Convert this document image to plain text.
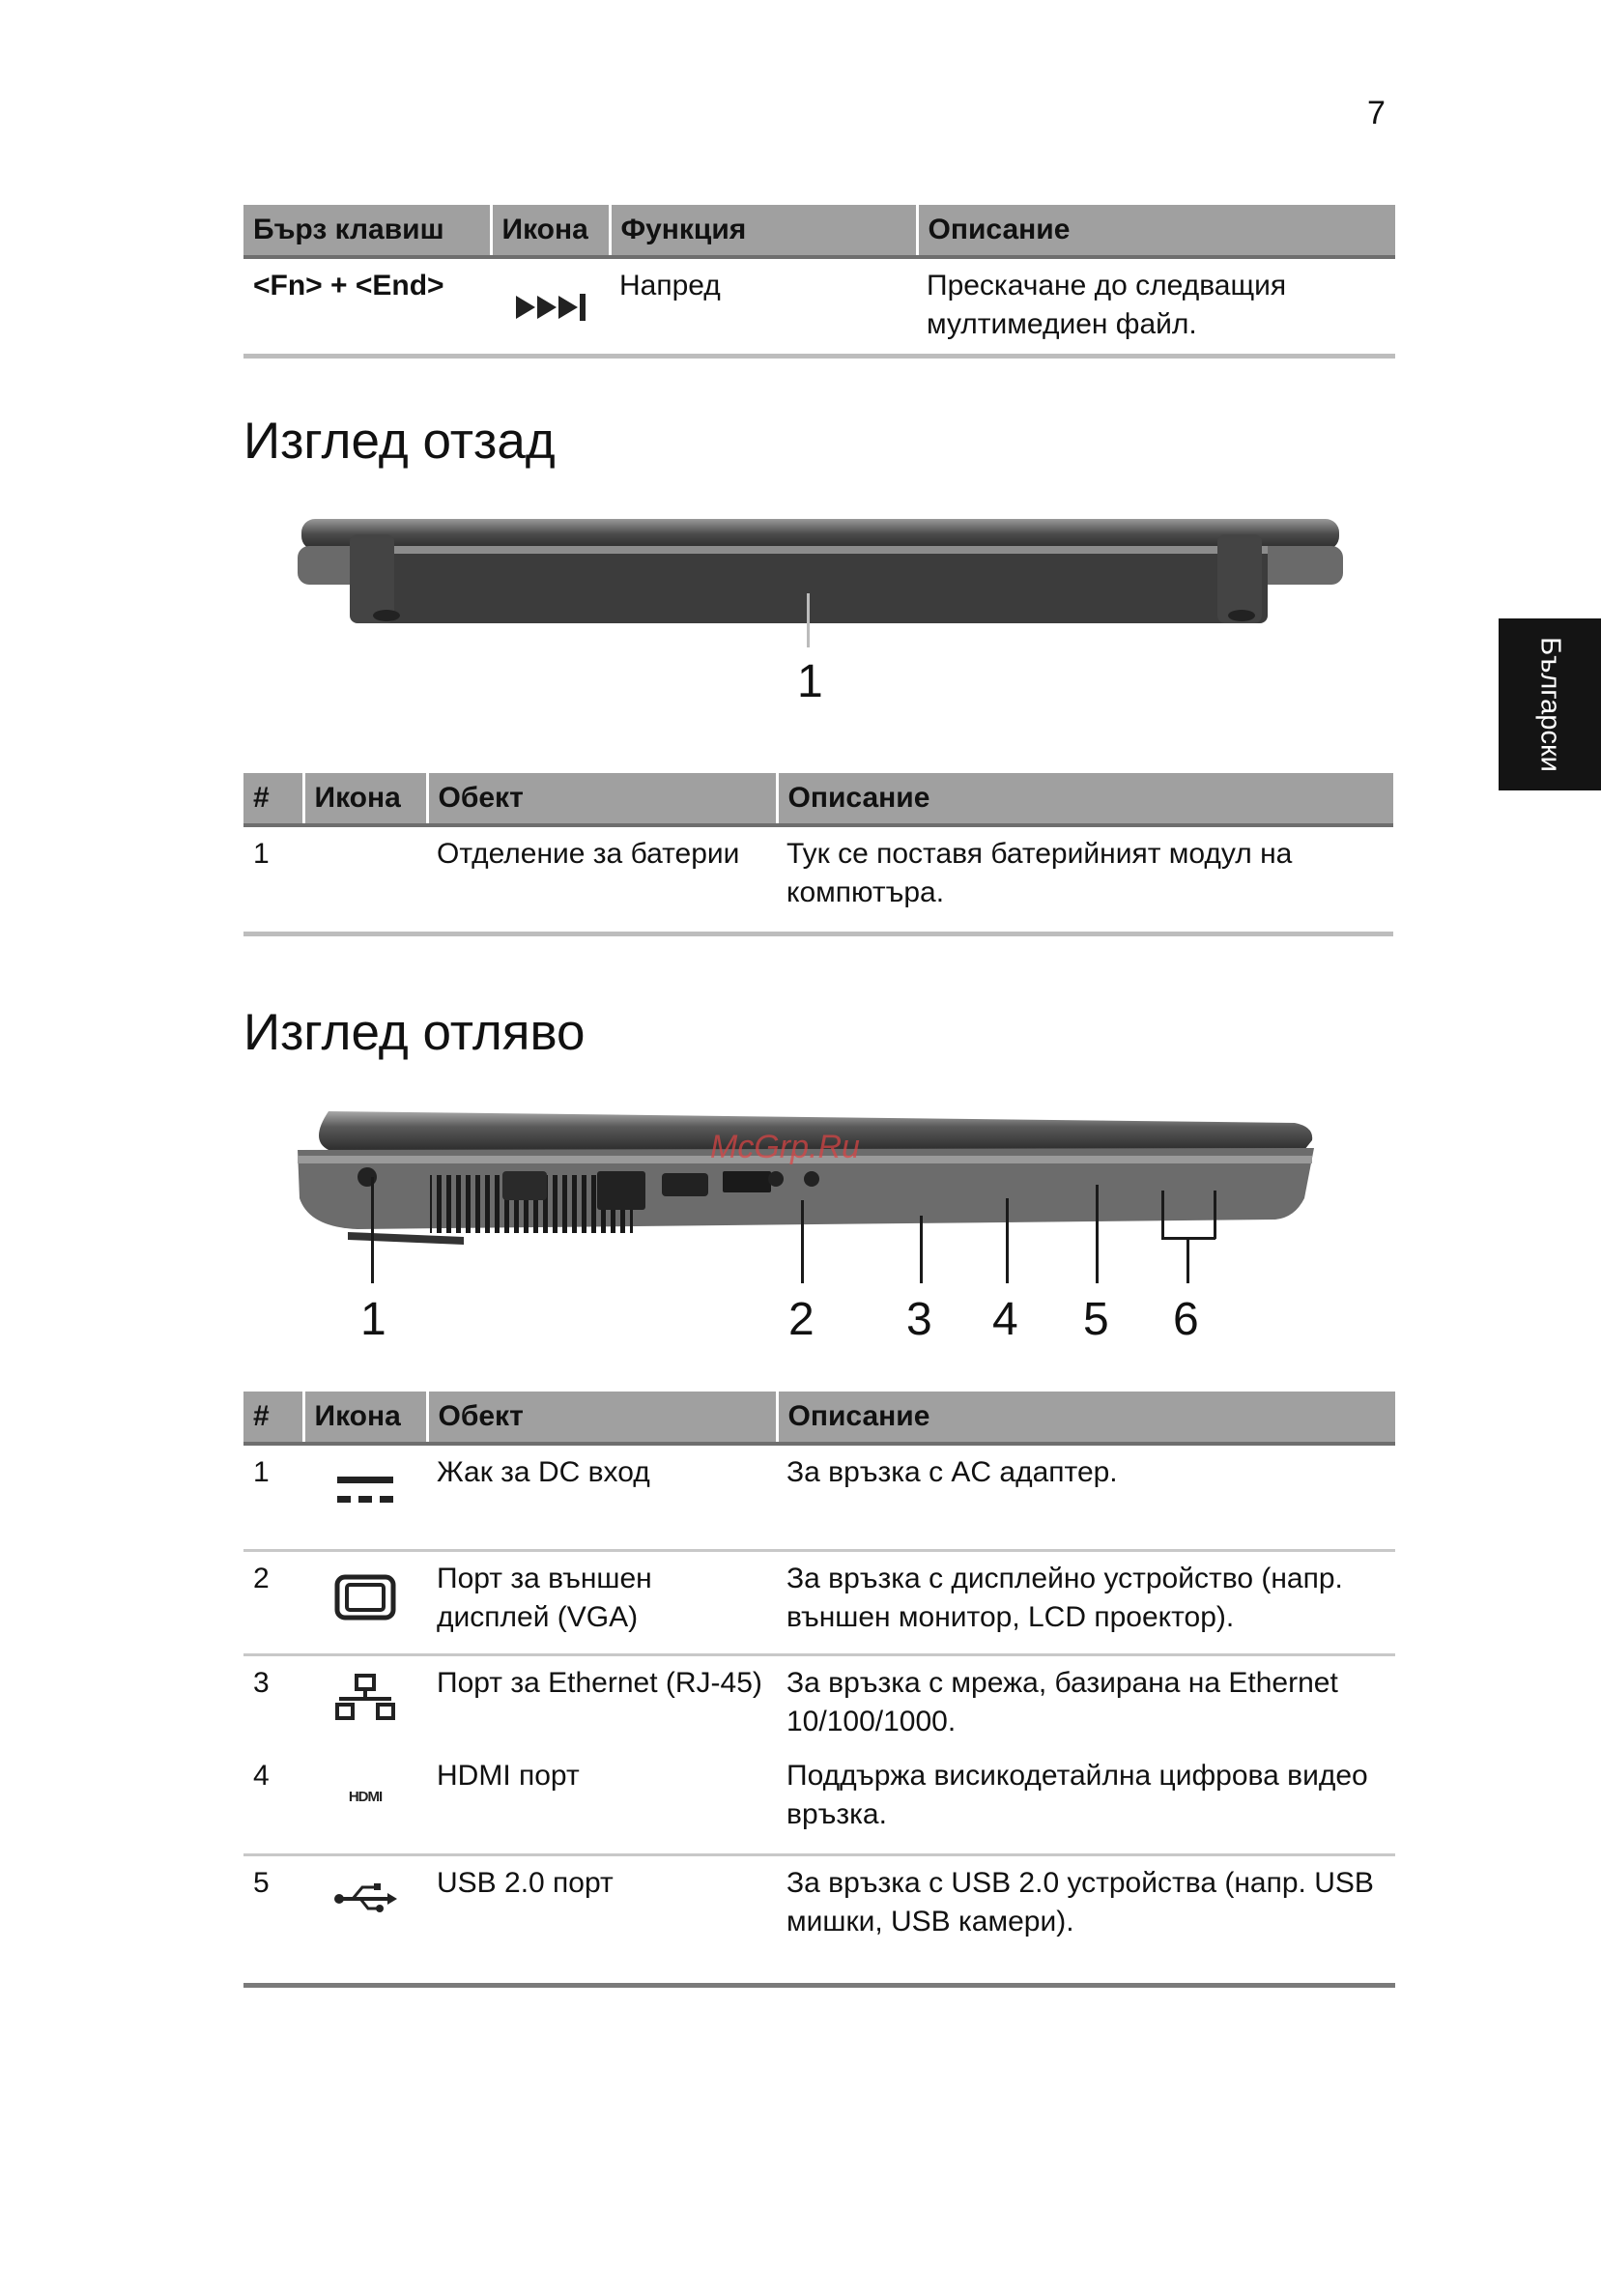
7
Български
Бърз клавиш	Икона	Функция	Описание
<Fn> + <End>		Напред	Прескачане до следващия мултимедиен файл.
Изглед отзад
1
#	Икона	Обект	Описание
1		Отделение за батерии	Тук се поставя батерийният модул на компютъра.
Изглед отляво
McGrp.Ru
1	2 3 4 5 6
#	Икона	Обект	Описание
1		Жак за DC вход	За връзка с AC адаптер.
2		Порт за външен дисплей (VGA)	За връзка с дисплейно устройство (напр. външен монитор, LCD проектор).
3		Порт за Ethernet (RJ-45)	За връзка с мрежа, базирана на Ethernet 10/100/1000.
4	HDMI	HDMI порт	Поддържа висикодетайлна цифрова видео връзка.
5		USB 2.0 порт	За връзка с USB 2.0 устройства (напр. USB мишки, USB камери).
